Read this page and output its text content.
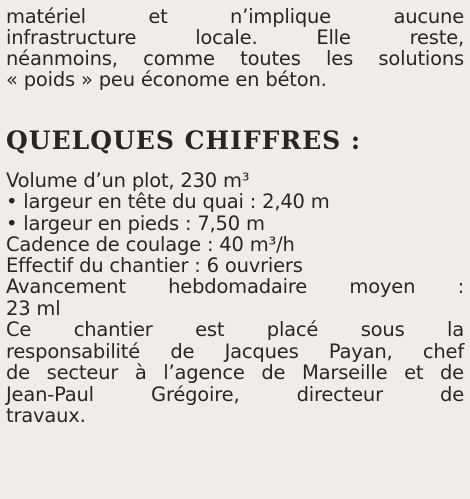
matériel et n’implique aucune
infrastructure locale. Elle reste,
néanmoins, comme toutes les solutions
« poids » peu économe en béton.
QUELQUES CHIFFRES :
Volume d’un plot, 230 m³
• largeur en tête du quai : 2,40 m
• largeur en pieds : 7,50 m
Cadence de coulage : 40 m³/h
Effectif du chantier : 6 ouvriers
Avancement hebdomadaire moyen :
23 ml
Ce chantier est placé sous la
responsabilité de Jacques Payan, chef
de secteur à l’agence de Marseille et de
Jean-Paul Grégoire, directeur de
travaux.
